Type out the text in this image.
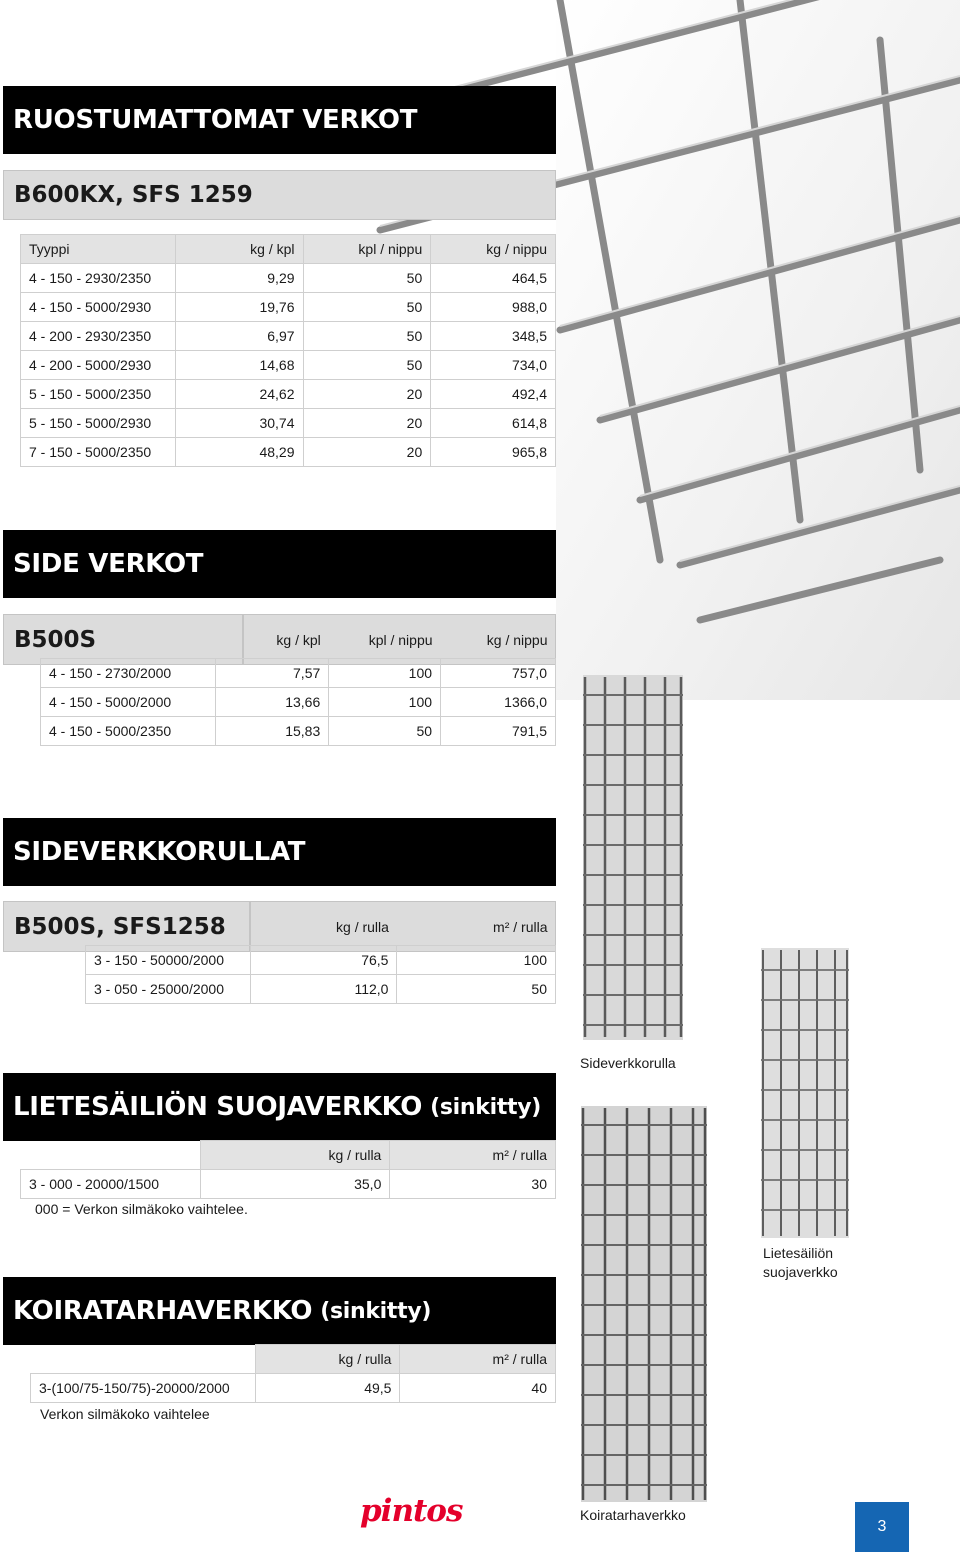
RUOSTUMATTOMAT VERKOT
B600KX, SFS 1259
Tyyppi	kg / kpl	kpl / nippu	kg / nippu
4 - 150 - 2930/2350	9,29	50	464,5
4 - 150 - 5000/2930	19,76	50	988,0
4 - 200 - 2930/2350	6,97	50	348,5
4 - 200 - 5000/2930	14,68	50	734,0
5 - 150 - 5000/2350	24,62	20	492,4
5 - 150 - 5000/2930	30,74	20	614,8
7 - 150 - 5000/2350	48,29	20	965,8
SIDE VERKOT
B500S
		kg / kpl	kpl / nippu	kg / nippu
4 - 150 - 2730/2000	7,57	100	757,0
4 - 150 - 5000/2000	13,66	100	1366,0
4 - 150 - 5000/2350	15,83	50	791,5
SIDEVERKKORULLAT
B500S, SFS1258
		kg / rulla	m² / rulla
3 - 150 - 50000/2000	76,5	100
3 - 050 - 25000/2000	112,0	50
Sideverkkorulla
LIETESÄILIÖN SUOJAVERKKO (sinkitty)
	kg / rulla	m² / rulla
3 - 000 - 20000/1500	35,0	30
000 = Verkon silmäkoko vaihtelee.
Lietesäiliön
suojaverkko
KOIRATARHAVERKKO (sinkitty)
	kg / rulla	m² / rulla
3-(100/75-150/75)-20000/2000	49,5	40
Verkon silmäkoko vaihtelee
Koiratarhaverkko
pintos	3
